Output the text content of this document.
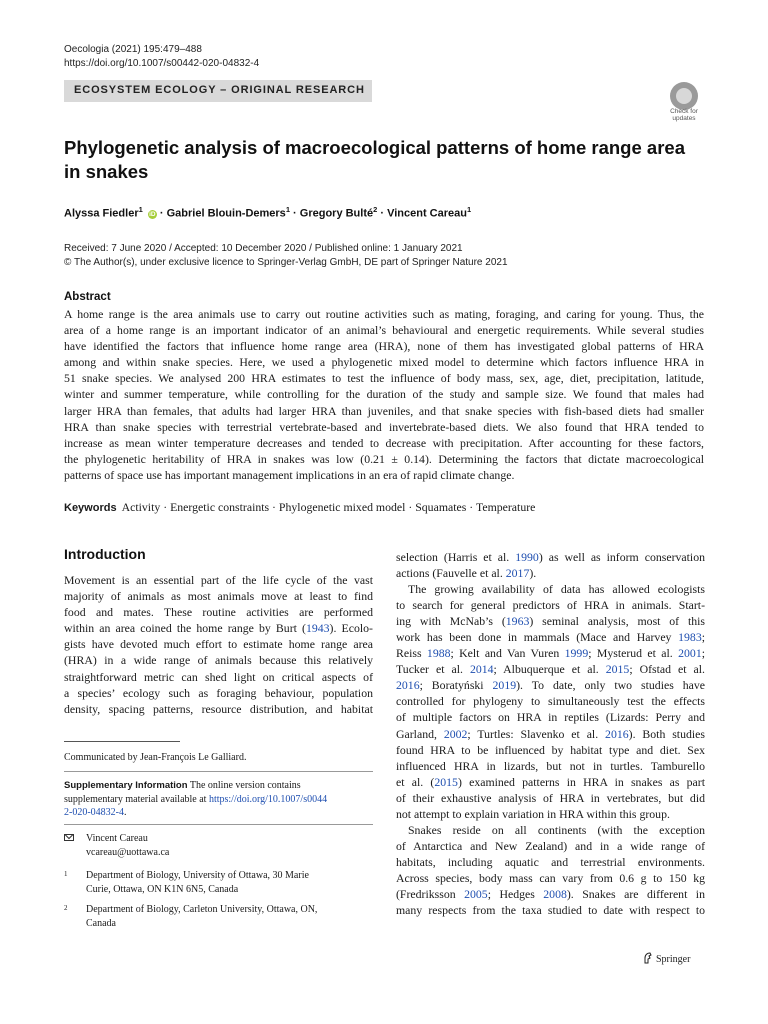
Oecologia (2021) 195:479–488
https://doi.org/10.1007/s00442-020-04832-4
ECOSYSTEM ECOLOGY – ORIGINAL RESEARCH
Check for
updates
Phylogenetic analysis of macroecological patterns of home range area
in snakes
Alyssa Fiedler$^1$ iD · Gabriel Blouin-Demers$^1$ · Gregory Bulté$^2$ · Vincent Careau$^1$
Received: 7 June 2020 / Accepted: 10 December 2020 / Published online: 1 January 2021
© The Author(s), under exclusive licence to Springer-Verlag GmbH, DE part of Springer Nature 2021
Abstract
A home range is the area animals use to carry out routine activities such as mating, foraging, and caring for young. Thus, the
area of a home range is an important indicator of an animal’s behavioural and energetic requirements. While several studies
have identified the factors that influence home range area (HRA), none of them has investigated global patterns of HRA
among and within snake species. Here, we used a phylogenetic mixed model to determine which factors influence HRA in
51 snake species. We analysed 200 HRA estimates to test the influence of body mass, sex, age, diet, precipitation, latitude,
winter and summer temperature, while controlling for the duration of the study and sample size. We found that males had
larger HRA than females, that adults had larger HRA than juveniles, and that snake species with fish-based diets had smaller
HRA than snake species with terrestrial vertebrate-based and invertebrate-based diets. We also found that HRA tended to
increase as mean winter temperature decreases and tended to decrease with precipitation. After accounting for these factors,
the phylogenetic heritability of HRA in snakes was low (0.21 ± 0.14). Determining the factors that dictate macroecological
patterns of space use has important management implications in an era of rapid climate change.
Keywords Activity · Energetic constraints · Phylogenetic mixed model · Squamates · Temperature
Introduction
Movement is an essential part of the life cycle of the vast
majority of animals as most animals move at least to find
food and mates. These routine activities are performed
within an area coined the home range by Burt (1943). Ecolo-
gists have devoted much effort to estimate home range area
(HRA) in a wide range of animals because this relatively
straightforward metric can shed light on critical aspects of
a species’ ecology such as foraging behaviour, population
density, spacing patterns, resource distribution, and habitat
selection (Harris et al. 1990) as well as inform conservation
actions (Fauvelle et al. 2017).
The growing availability of data has allowed ecologists
to search for general predictors of HRA in animals. Start-
ing with McNab’s (1963) seminal analysis, most of this
work has been done in mammals (Mace and Harvey 1983;
Reiss 1988; Kelt and Van Vuren 1999; Mysterud et al. 2001;
Tucker et al. 2014; Albuquerque et al. 2015; Ofstad et al.
2016; Boratyński 2019). To date, only two studies have
controlled for phylogeny to simultaneously test the effects
of multiple factors on HRA in reptiles (Lizards: Perry and
Garland, 2002; Turtles: Slavenko et al. 2016). Both studies
found HRA to be influenced by habitat type and diet. Sex
influenced HRA in lizards, but not in turtles. Tamburello
et al. (2015) examined patterns in HRA in snakes as part
of their exhaustive analysis of HRA in vertebrates, but did
not attempt to explain variation in HRA within this group.
Snakes reside on all continents (with the exception
of Antarctica and New Zealand) and in a wide range of
habitats, including aquatic and terrestrial environments.
Across species, body mass can vary from 0.6 g to 150 kg
(Fredriksson 2005; Hedges 2008). Snakes are different in
many respects from the taxa studied to date with respect to
Communicated by Jean-François Le Galliard.
Supplementary Information The online version contains
supplementary material available at https://doi.org/10.1007/s0044
2-020-04832-4.
Vincent Careau
vcareau@uottawa.ca
1 Department of Biology, University of Ottawa, 30 Marie
Curie, Ottawa, ON K1N 6N5, Canada
2 Department of Biology, Carleton University, Ottawa, ON,
Canada
Springer
